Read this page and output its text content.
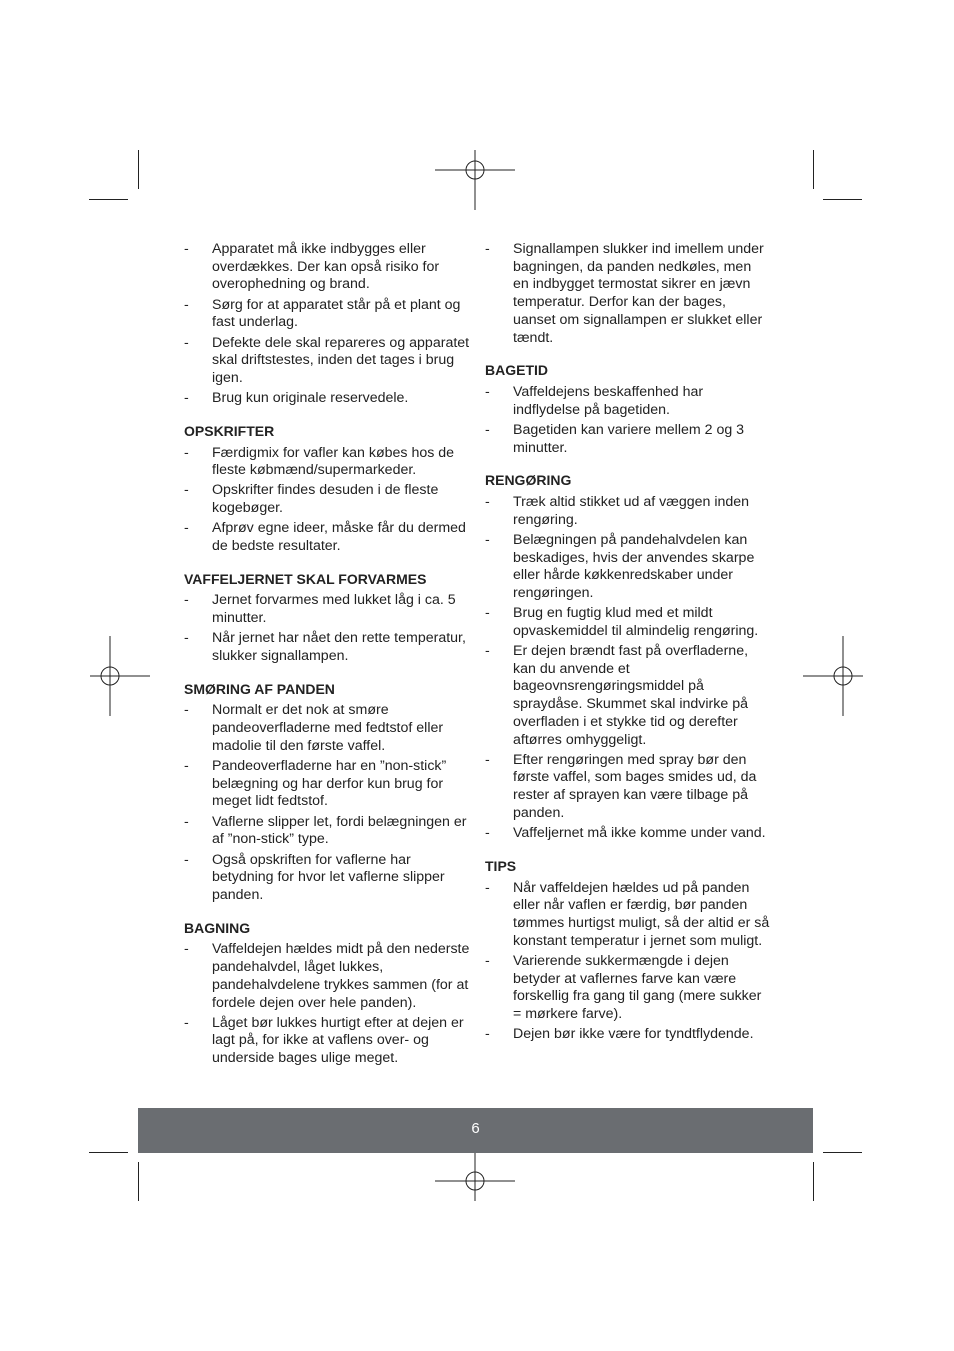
- Apparatet må ikke indbygges eller overdækkes. Der kan opså risiko for overophedning og brand.
- Sørg for at apparatet står på et plant og fast underlag.
- Defekte dele skal repareres og apparatet skal driftstestes, inden det tages i brug igen.
- Brug kun originale reservedele.
OPSKRIFTER
- Færdigmix for vafler kan købes hos de fleste købmænd/supermarkeder.
- Opskrifter findes desuden i de fleste kogebøger.
- Afprøv egne ideer, måske får du dermed de bedste resultater.
VAFFELJERNET SKAL FORVARMES
- Jernet forvarmes med lukket låg i ca. 5 minutter.
- Når jernet har nået den rette temperatur, slukker signallampen.
SMØRING AF PANDEN
- Normalt er det nok at smøre pandeoverfladerne med fedtstof eller madolie til den første vaffel.
- Pandeoverfladerne har en ”non-stick” belægning og har derfor kun brug for meget lidt fedtstof.
- Vaflerne slipper let, fordi belægningen er af ”non-stick” type.
- Også opskriften for vaflerne har betydning for hvor let vaflerne slipper panden.
BAGNING
- Vaffeldejen hældes midt på den nederste pandehalvdel, låget lukkes, pandehalvdelene trykkes sammen (for at fordele dejen over hele panden).
- Låget bør lukkes hurtigt efter at dejen er lagt på, for ikke at vaflens over- og underside bages ulige meget.
- Signallampen slukker ind imellem under bagningen, da panden nedkøles, men en indbygget termostat sikrer en jævn temperatur. Derfor kan der bages, uanset om signallampen er slukket eller tændt.
BAGETID
- Vaffeldejens beskaffenhed har indflydelse på bagetiden.
- Bagetiden kan variere mellem 2 og 3 minutter.
RENGØRING
- Træk altid stikket ud af væggen inden rengøring.
- Belægningen på pandehalvdelen kan beskadiges, hvis der anvendes skarpe eller hårde køkkenredskaber under rengøringen.
- Brug en fugtig klud med et mildt opvaskemiddel til almindelig rengøring.
- Er dejen brændt fast på overfladerne, kan du anvende et bageovnsrengøringsmiddel på spraydåse. Skummet skal indvirke på overfladen i et stykke tid og derefter aftørres omhyggeligt.
- Efter rengøringen med spray bør den første vaffel, som bages smides ud, da rester af sprayen kan være tilbage på panden.
- Vaffeljernet må ikke komme under vand.
TIPS
- Når vaffeldejen hældes ud på panden eller når vaflen er færdig, bør panden tømmes hurtigst muligt, så der altid er så konstant temperatur i jernet som muligt.
- Varierende sukkermængde i dejen betyder at vaflernes farve kan være forskellig fra gang til gang (mere sukker = mørkere farve).
- Dejen bør ikke være for tyndtflydende.
6
